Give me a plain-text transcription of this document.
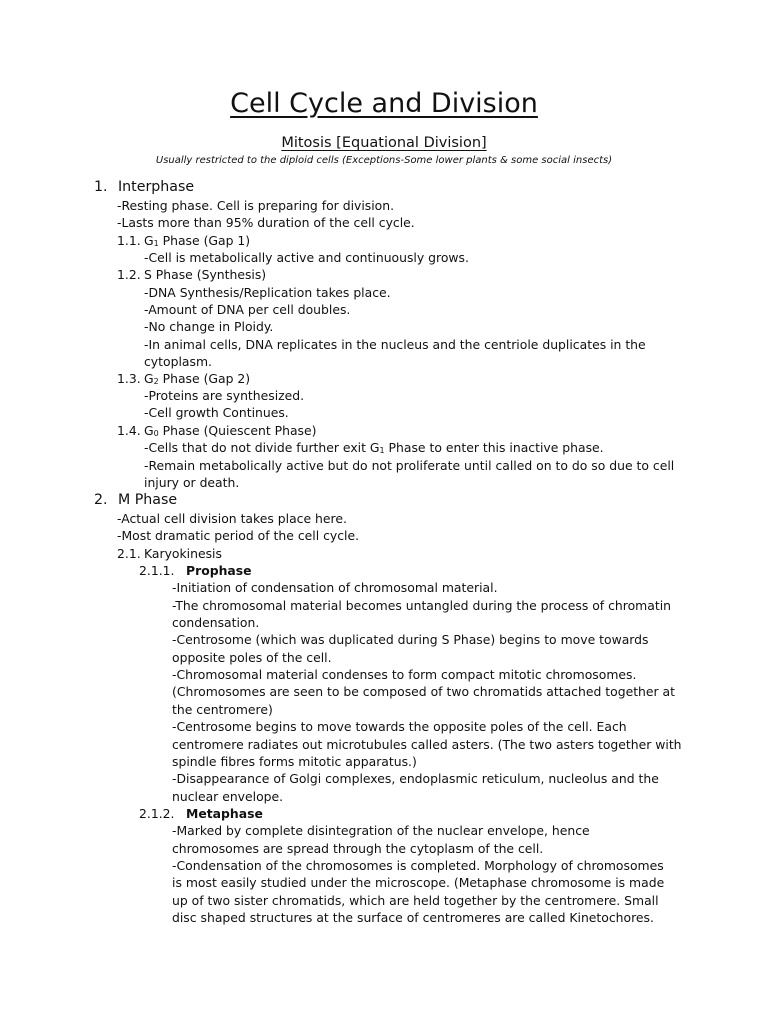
Cell Cycle and Division
Mitosis [Equational Division]
Usually restricted to the diploid cells (Exceptions-Some lower plants & some social insects)
1. Interphase
-Resting phase. Cell is preparing for division.
-Lasts more than 95% duration of the cell cycle.
1.1. $G_1$ Phase (Gap 1)
-Cell is metabolically active and continuously grows.
1.2. S Phase (Synthesis)
-DNA Synthesis/Replication takes place.
-Amount of DNA per cell doubles.
-No change in Ploidy.
-In animal cells, DNA replicates in the nucleus and the centriole duplicates in the
cytoplasm.
1.3. $G_2$ Phase (Gap 2)
-Proteins are synthesized.
-Cell growth Continues.
1.4. $G_0$ Phase (Quiescent Phase)
-Cells that do not divide further exit $G_1$ Phase to enter this inactive phase.
-Remain metabolically active but do not proliferate until called on to do so due to cell
injury or death.
2. M Phase
-Actual cell division takes place here.
-Most dramatic period of the cell cycle.
2.1. Karyokinesis
2.1.1. Prophase
-Initiation of condensation of chromosomal material.
-The chromosomal material becomes untangled during the process of chromatin
condensation.
-Centrosome (which was duplicated during S Phase) begins to move towards
opposite poles of the cell.
-Chromosomal material condenses to form compact mitotic chromosomes.
(Chromosomes are seen to be composed of two chromatids attached together at
the centromere)
-Centrosome begins to move towards the opposite poles of the cell. Each
centromere radiates out microtubules called asters. (The two asters together with
spindle fibres forms mitotic apparatus.)
-Disappearance of Golgi complexes, endoplasmic reticulum, nucleolus and the
nuclear envelope.
2.1.2. Metaphase
-Marked by complete disintegration of the nuclear envelope, hence
chromosomes are spread through the cytoplasm of the cell.
-Condensation of the chromosomes is completed. Morphology of chromosomes
is most easily studied under the microscope. (Metaphase chromosome is made
up of two sister chromatids, which are held together by the centromere. Small
disc shaped structures at the surface of centromeres are called Kinetochores.
